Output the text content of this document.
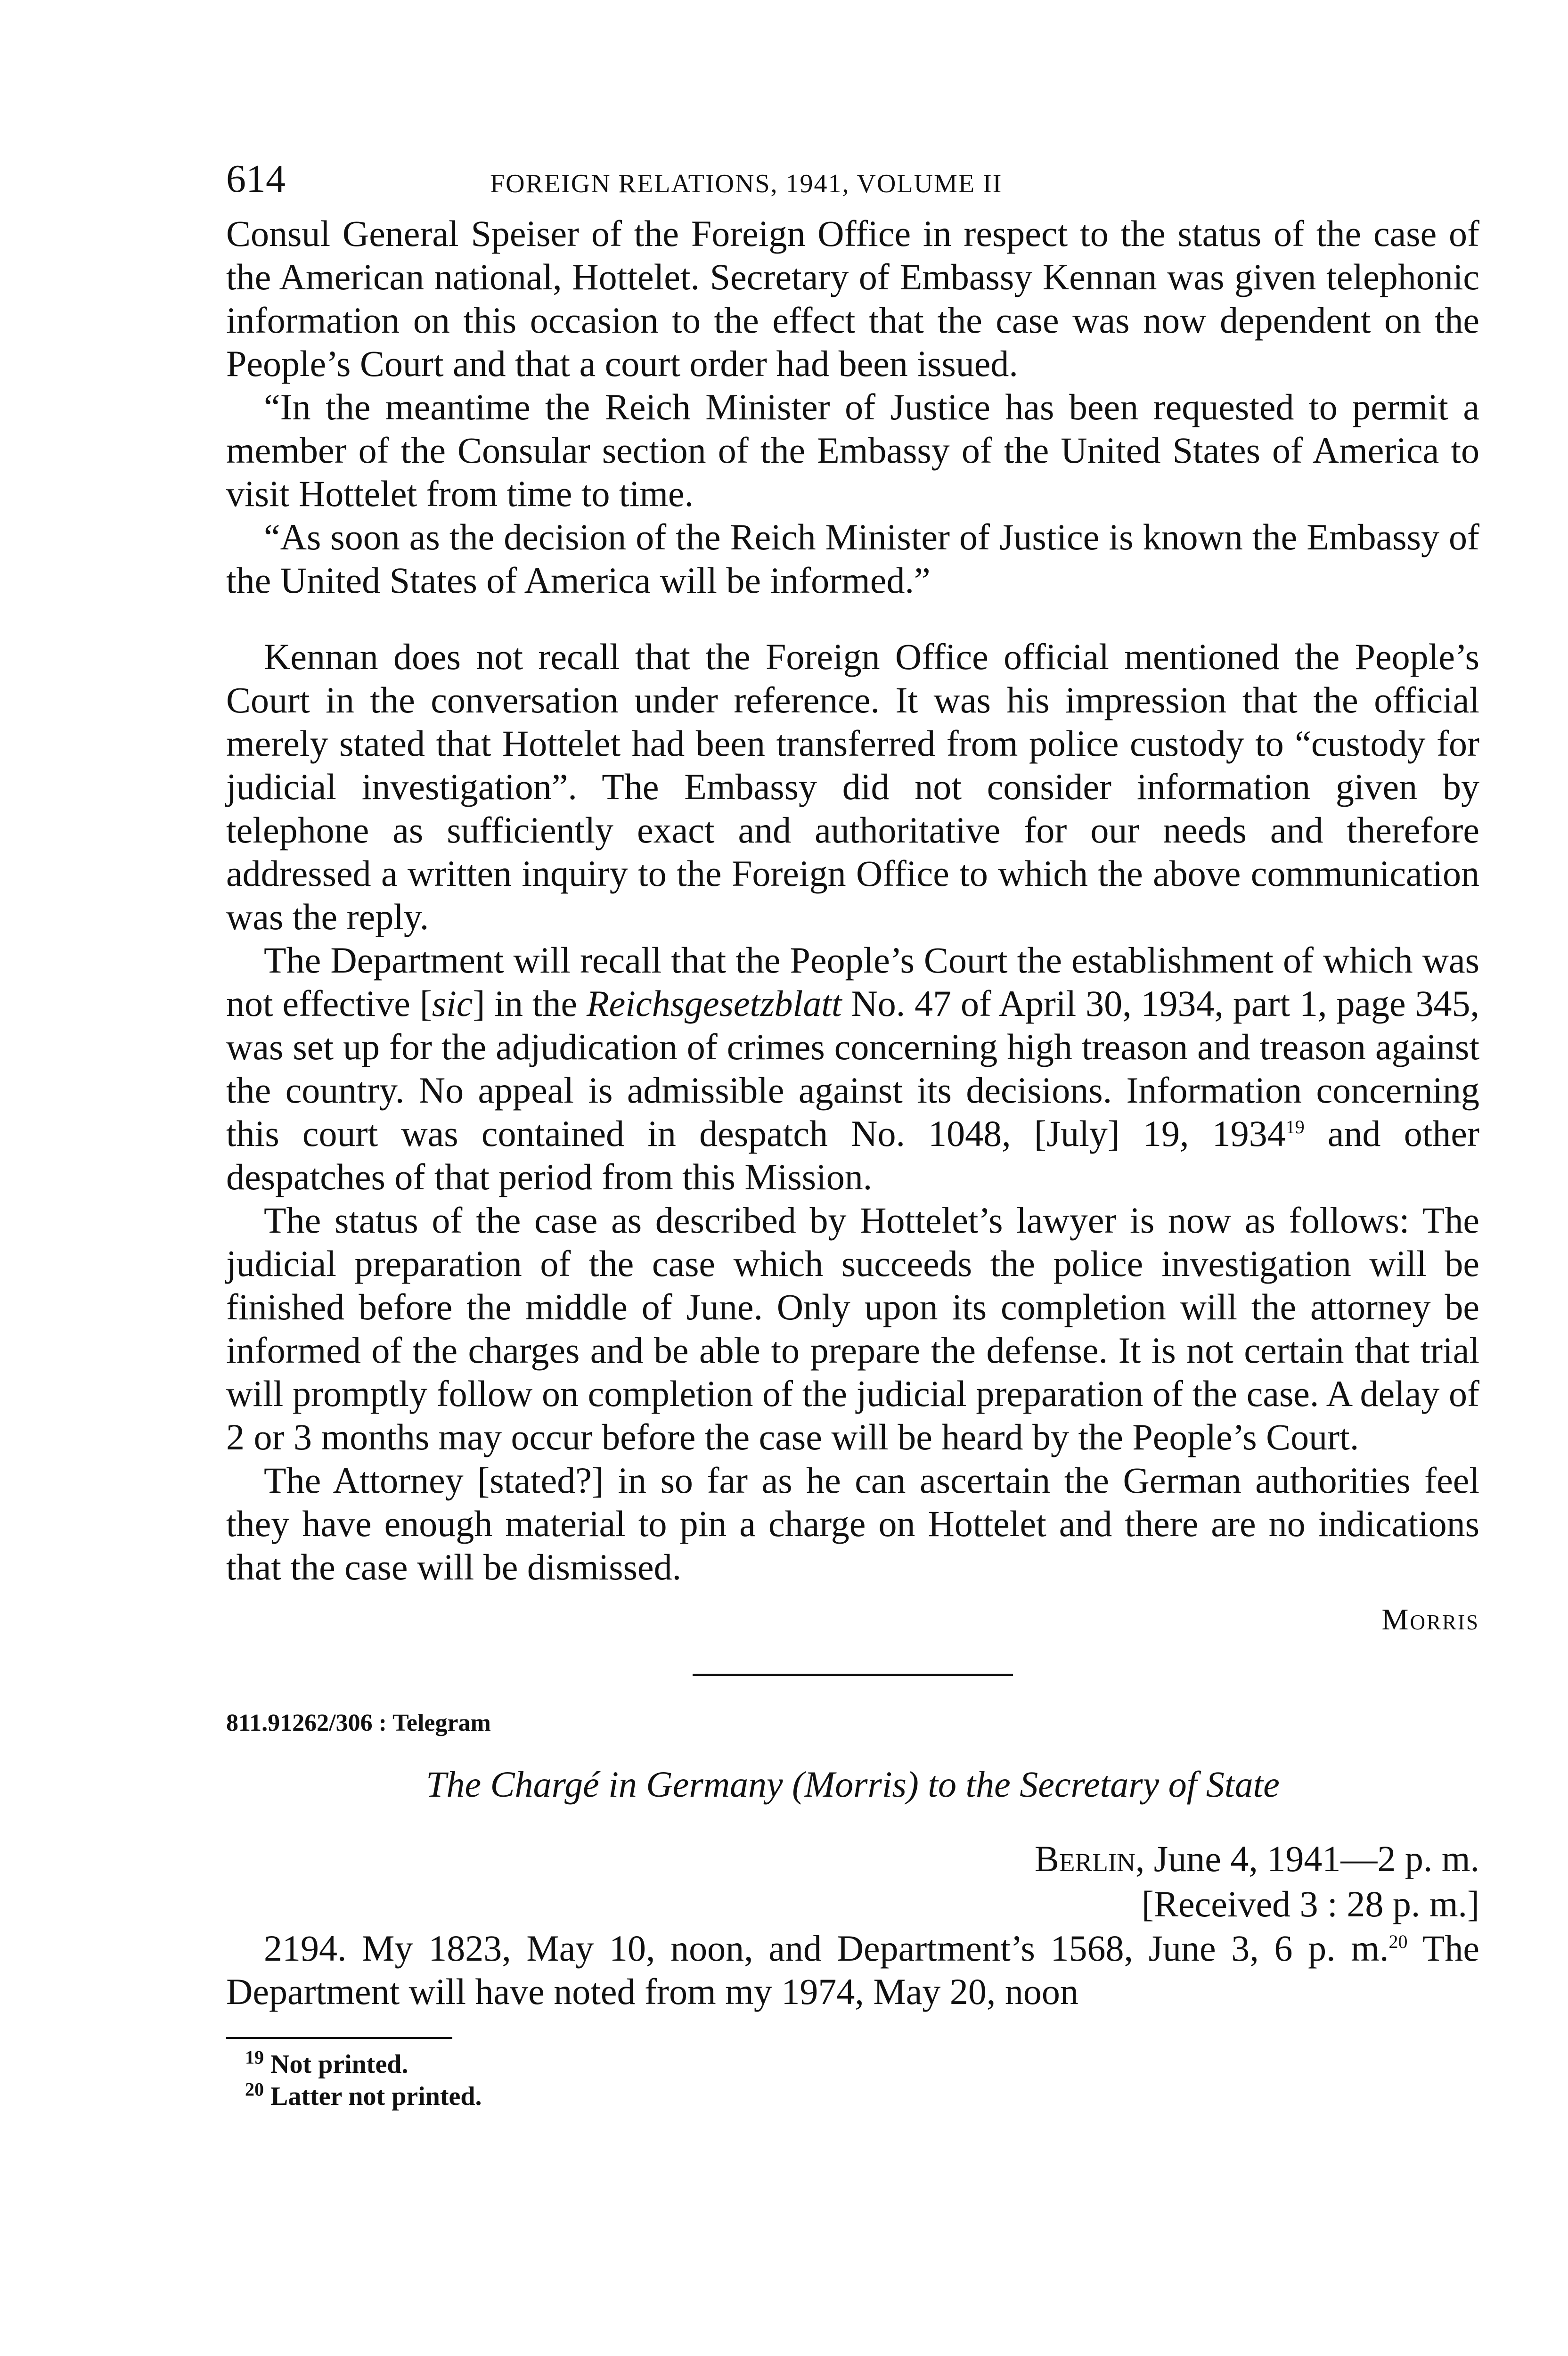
614	FOREIGN RELATIONS, 1941, VOLUME II
Consul General Speiser of the Foreign Office in respect to the status of the case of the American national, Hottelet. Secretary of Embassy Kennan was given telephonic information on this occasion to the effect that the case was now dependent on the People’s Court and that a court order had been issued.
“In the meantime the Reich Minister of Justice has been requested to permit a member of the Consular section of the Embassy of the United States of America to visit Hottelet from time to time.
“As soon as the decision of the Reich Minister of Justice is known the Embassy of the United States of America will be informed.”
Kennan does not recall that the Foreign Office official mentioned the People’s Court in the conversation under reference. It was his impression that the official merely stated that Hottelet had been transferred from police custody to “custody for judicial investigation”. The Embassy did not consider information given by telephone as sufficiently exact and authoritative for our needs and therefore addressed a written inquiry to the Foreign Office to which the above communication was the reply.
The Department will recall that the People’s Court the establishment of which was not effective [sic] in the Reichsgesetzblatt No. 47 of April 30, 1934, part 1, page 345, was set up for the adjudication of crimes concerning high treason and treason against the country. No appeal is admissible against its decisions. Information concerning this court was contained in despatch No. 1048, [July] 19, 1934$^{19}$ and other despatches of that period from this Mission.
The status of the case as described by Hottelet’s lawyer is now as follows: The judicial preparation of the case which succeeds the police investigation will be finished before the middle of June. Only upon its completion will the attorney be informed of the charges and be able to prepare the defense. It is not certain that trial will promptly follow on completion of the judicial preparation of the case. A delay of 2 or 3 months may occur before the case will be heard by the People’s Court.
The Attorney [stated?] in so far as he can ascertain the German authorities feel they have enough material to pin a charge on Hottelet and there are no indications that the case will be dismissed.
Morris
811.91262/306 : Telegram
The Chargé in Germany (Morris) to the Secretary of State
Berlin, June 4, 1941—2 p. m.
[Received 3 : 28 p. m.]
2194. My 1823, May 10, noon, and Department’s 1568, June 3, 6 p. m.$^{20}$ The Department will have noted from my 1974, May 20, noon
$^{19}$ Not printed.
$^{20}$ Latter not printed.
